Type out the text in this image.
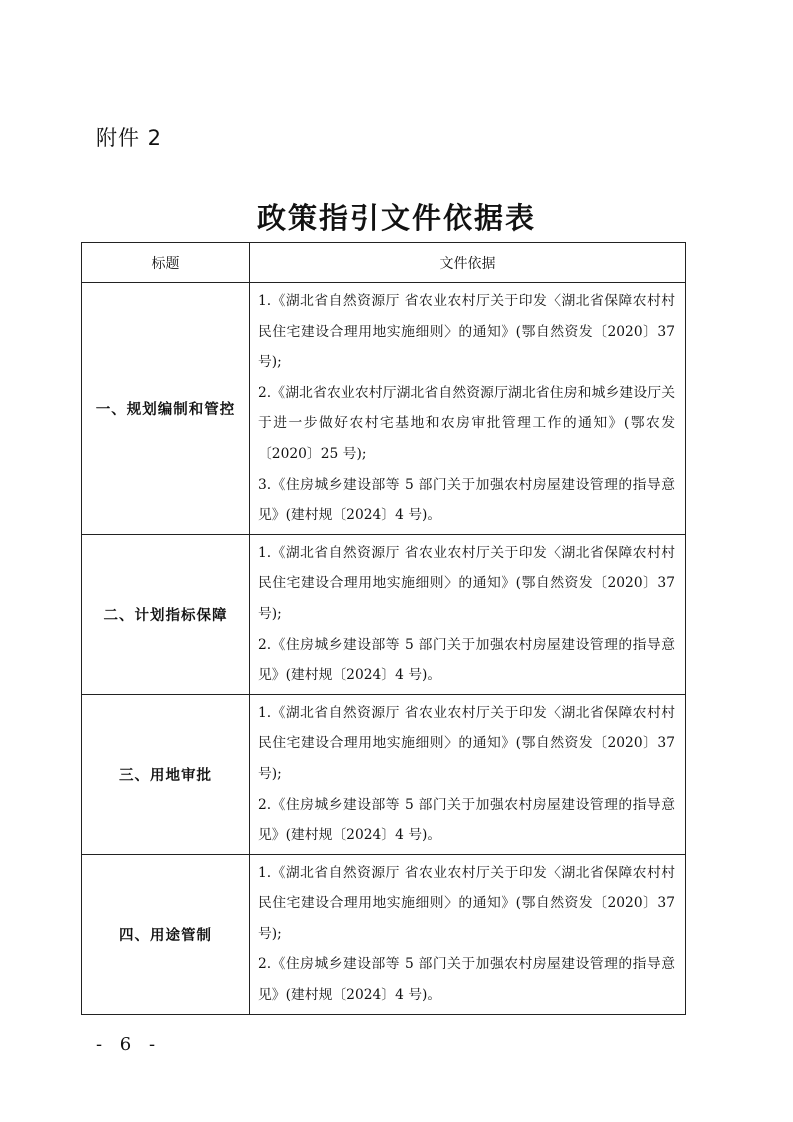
附件 2
政策指引文件依据表
标题	文件依据
一、规划编制和管控	1.《湖北省自然资源厅 省农业农村厅关于印发〈湖北省保障农村村民住宅建设合理用地实施细则〉的通知》(鄂自然资发〔2020〕37 号);
2.《湖北省农业农村厅湖北省自然资源厅湖北省住房和城乡建设厅关于进一步做好农村宅基地和农房审批管理工作的通知》(鄂农发〔2020〕25 号);
3.《住房城乡建设部等 5 部门关于加强农村房屋建设管理的指导意见》(建村规〔2024〕4 号)。

二、计划指标保障	1.《湖北省自然资源厅 省农业农村厅关于印发〈湖北省保障农村村民住宅建设合理用地实施细则〉的通知》(鄂自然资发〔2020〕37 号);
2.《住房城乡建设部等 5 部门关于加强农村房屋建设管理的指导意见》(建村规〔2024〕4 号)。

三、用地审批	1.《湖北省自然资源厅 省农业农村厅关于印发〈湖北省保障农村村民住宅建设合理用地实施细则〉的通知》(鄂自然资发〔2020〕37 号);
2.《住房城乡建设部等 5 部门关于加强农村房屋建设管理的指导意见》(建村规〔2024〕4 号)。

四、用途管制	1.《湖北省自然资源厅 省农业农村厅关于印发〈湖北省保障农村村民住宅建设合理用地实施细则〉的通知》(鄂自然资发〔2020〕37 号);
2.《住房城乡建设部等 5 部门关于加强农村房屋建设管理的指导意见》(建村规〔2024〕4 号)。
- 6 -
